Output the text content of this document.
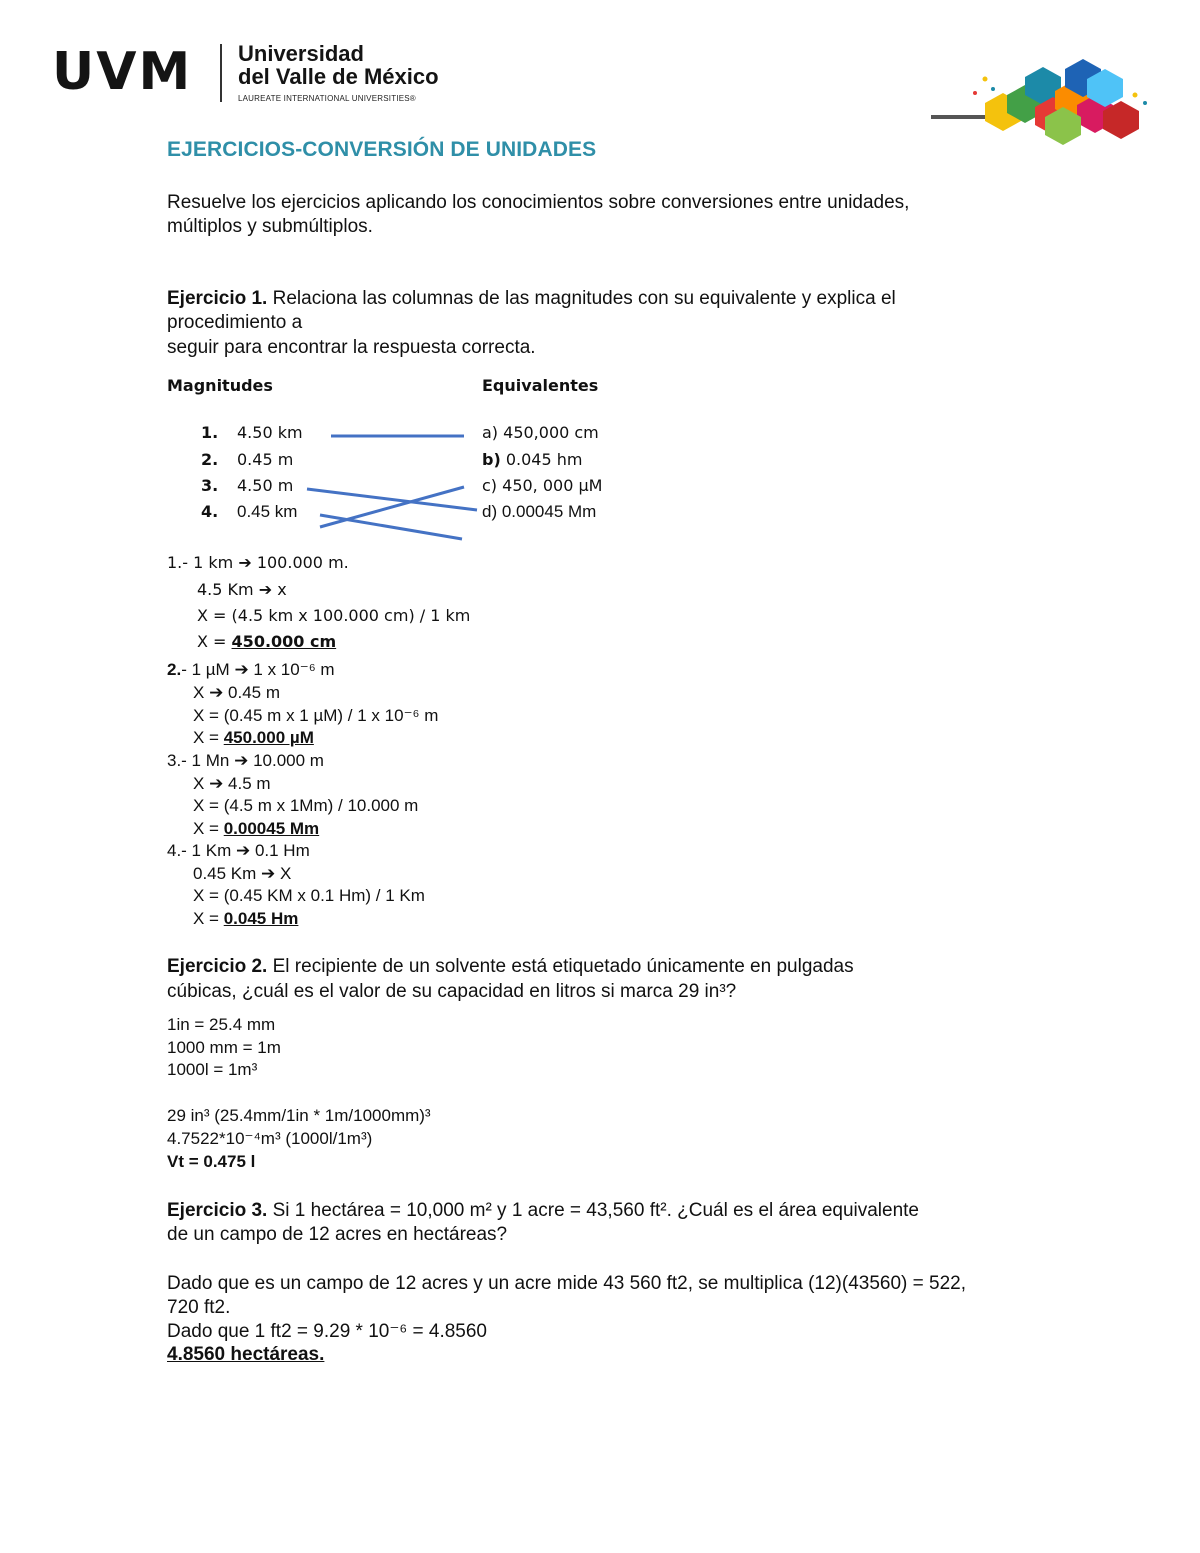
UVM Universidad
del Valle de México
LAUREATE INTERNATIONAL UNIVERSITIES®
EJERCICIOS-CONVERSIÓN DE UNIDADES
Resuelve los ejercicios aplicando los conocimientos sobre conversiones entre unidades,
múltiplos y submúltiplos.
Ejercicio 1. Relaciona las columnas de las magnitudes con su equivalente y explica el
procedimiento a
seguir para encontrar la respuesta correcta.
Magnitudes	Equivalentes
1. 4.50 km
2. 0.45 m
3. 4.50 m
4. 0.45 km
a) 450,000 cm
b) 0.045 hm
c) 450, 000 µM
d) 0.00045 Mm
1.- 1 km ➔ 100.000 m.
4.5 Km ➔ x
X = (4.5 km x 100.000 cm) / 1 km
X = 450.000 cm
2.- 1 µM ➔ 1 x 10⁻⁶ m
X ➔ 0.45 m
X = (0.45 m x 1 µM) / 1 x 10⁻⁶ m
X = 450.000 µM
3.- 1 Mn ➔ 10.000 m
X ➔ 4.5 m
X = (4.5 m x 1Mm) / 10.000 m
X = 0.00045 Mm
4.- 1 Km ➔ 0.1 Hm
0.45 Km ➔ X
X = (0.45 KM x 0.1 Hm) / 1 Km
X = 0.045 Hm
Ejercicio 2. El recipiente de un solvente está etiquetado únicamente en pulgadas
cúbicas, ¿cuál es el valor de su capacidad en litros si marca 29 in³?
1in = 25.4 mm
1000 mm = 1m
1000l = 1m³
29 in³ (25.4mm/1in * 1m/1000mm)³
4.7522*10⁻⁴m³ (1000l/1m³)
Vt = 0.475 l
Ejercicio 3. Si 1 hectárea = 10,000 m² y 1 acre = 43,560 ft². ¿Cuál es el área equivalente
de un campo de 12 acres en hectáreas?
Dado que es un campo de 12 acres y un acre mide 43 560 ft2, se multiplica (12)(43560) = 522,
720 ft2.
Dado que 1 ft2 = 9.29 * 10⁻⁶ = 4.8560
4.8560 hectáreas.
